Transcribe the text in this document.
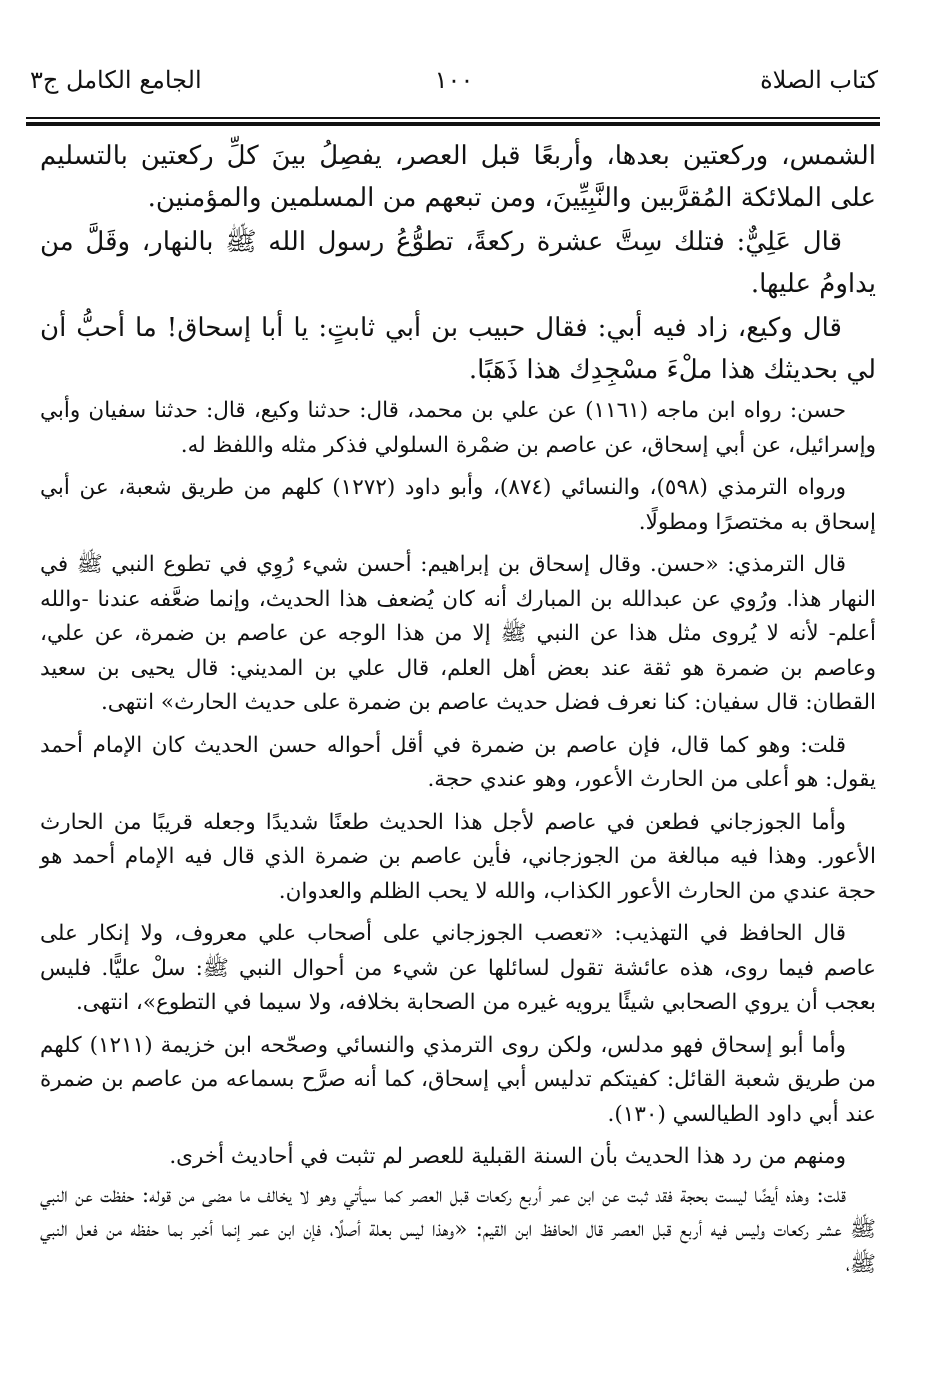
كتاب الصلاة
١٠٠
الجامع الكامل ج٣

الشمس، وركعتين بعدها، وأربعًا قبل العصر، يفصِلُ بينَ كلِّ ركعتين بالتسليم على الملائكة المُقرَّبين والنَّبِيِّينَ، ومن تبعهم من المسلمين والمؤمنين.

قال عَلِيٌّ: فتلك سِتَّ عشرة ركعةً، تطوُّعُ رسول الله ﷺ بالنهار، وقَلَّ من يداومُ عليها.

قال وكيع، زاد فيه أبي: فقال حبيب بن أبي ثابتٍ: يا أبا إسحاق! ما أحبُّ أن لي بحديثك هذا ملْءَ مسْجِدِك هذا ذَهَبًا.

حسن: رواه ابن ماجه (١١٦١) عن علي بن محمد، قال: حدثنا وكيع، قال: حدثنا سفيان وأبي وإسرائيل، عن أبي إسحاق، عن عاصم بن ضمْرة السلولي فذكر مثله واللفظ له.

ورواه الترمذي (٥٩٨)، والنسائي (٨٧٤)، وأبو داود (١٢٧٢) كلهم من طريق شعبة، عن أبي إسحاق به مختصرًا ومطولًا.

قال الترمذي: «حسن. وقال إسحاق بن إبراهيم: أحسن شيء رُوِي في تطوع النبي ﷺ في النهار هذا. ورُوي عن عبدالله بن المبارك أنه كان يُضعف هذا الحديث، وإنما ضعَّفه عندنا -والله أعلم- لأنه لا يُروى مثل هذا عن النبي ﷺ إلا من هذا الوجه عن عاصم بن ضمرة، عن علي، وعاصم بن ضمرة هو ثقة عند بعض أهل العلم، قال علي بن المديني: قال يحيى بن سعيد القطان: قال سفيان: كنا نعرف فضل حديث عاصم بن ضمرة على حديث الحارث» انتهى.

قلت: وهو كما قال، فإن عاصم بن ضمرة في أقل أحواله حسن الحديث كان الإمام أحمد يقول: هو أعلى من الحارث الأعور، وهو عندي حجة.

وأما الجوزجاني فطعن في عاصم لأجل هذا الحديث طعنًا شديدًا وجعله قريبًا من الحارث الأعور. وهذا فيه مبالغة من الجوزجاني، فأين عاصم بن ضمرة الذي قال فيه الإمام أحمد هو حجة عندي من الحارث الأعور الكذاب، والله لا يحب الظلم والعدوان.

قال الحافظ في التهذيب: «تعصب الجوزجاني على أصحاب علي معروف، ولا إنكار على عاصم فيما روى، هذه عائشة تقول لسائلها عن شيء من أحوال النبي ﷺ: سلْ عليًّا. فليس بعجب أن يروي الصحابي شيئًا يرويه غيره من الصحابة بخلافه، ولا سيما في التطوع»، انتهى.

وأما أبو إسحاق فهو مدلس، ولكن روى الترمذي والنسائي وصحّحه ابن خزيمة (١٢١١) كلهم من طريق شعبة القائل: كفيتكم تدليس أبي إسحاق، كما أنه صرَّح بسماعه من عاصم بن ضمرة عند أبي داود الطيالسي (١٣٠).

ومنهم من رد هذا الحديث بأن السنة القبلية للعصر لم تثبت في أحاديث أخرى.

قلت: وهذه أيضًا ليست بحجة فقد ثبت عن ابن عمر أربع ركعات قبل العصر كما سيأتي وهو لا يخالف ما مضى من قوله: حفظت عن النبي ﷺ عشر ركعات وليس فيه أربع قبل العصر قال الحافظ ابن القيم: «وهذا ليس بعلة أصلًا، فإن ابن عمر إنما أخبر بما حفظه من فعل النبي ﷺ،
